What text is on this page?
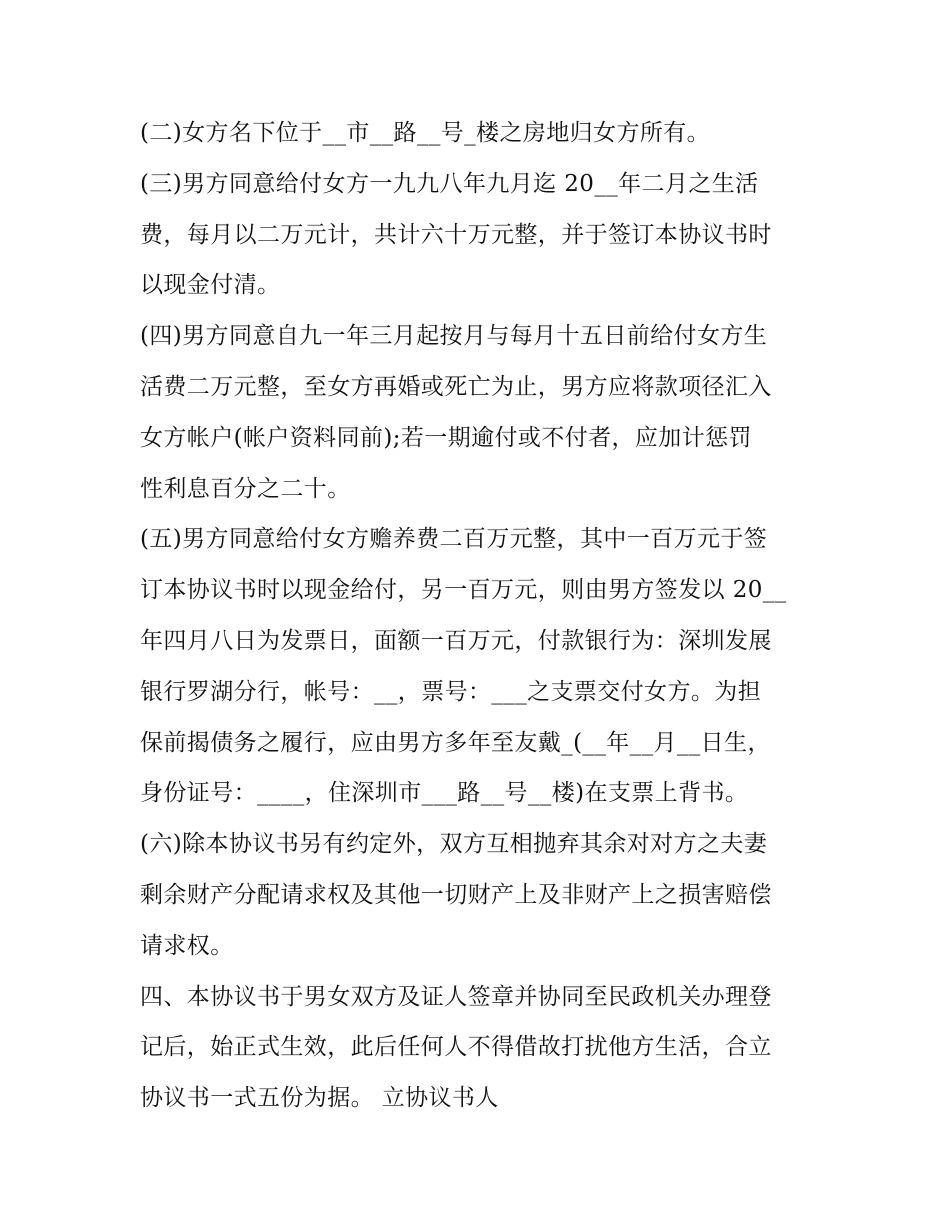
(二)女方名下位于__市__路__号_楼之房地归女方所有。
(三)男方同意给付女方一九九八年九月迄 20__年二月之生活
费，每月以二万元计，共计六十万元整，并于签订本协议书时
以现金付清。
(四)男方同意自九一年三月起按月与每月十五日前给付女方生
活费二万元整，至女方再婚或死亡为止，男方应将款项径汇入
女方帐户(帐户资料同前);若一期逾付或不付者，应加计惩罚
性利息百分之二十。
(五)男方同意给付女方赡养费二百万元整，其中一百万元于签
订本协议书时以现金给付，另一百万元，则由男方签发以 20__
年四月八日为发票日，面额一百万元，付款银行为：深圳发展
银行罗湖分行，帐号：__，票号：___之支票交付女方。为担
保前揭债务之履行，应由男方多年至友戴_(__年__月__日生，
身份证号：____，住深圳市___路__号__楼)在支票上背书。
(六)除本协议书另有约定外，双方互相抛弃其余对对方之夫妻
剩余财产分配请求权及其他一切财产上及非财产上之损害赔偿
请求权。
四、本协议书于男女双方及证人签章并协同至民政机关办理登
记后，始正式生效，此后任何人不得借故打扰他方生活，合立
协议书一式五份为据。 立协议书人
